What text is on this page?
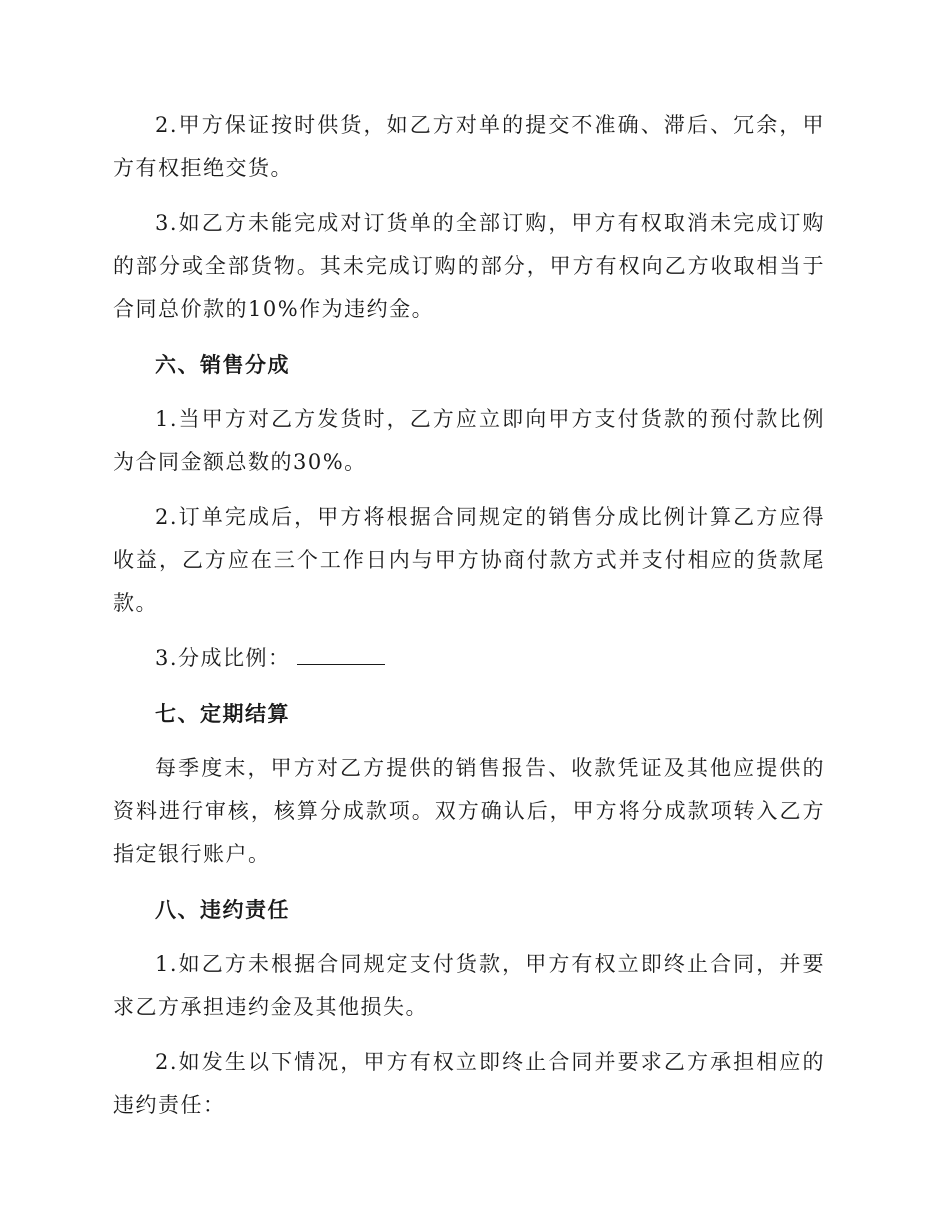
2.甲方保证按时供货，如乙方对单的提交不准确、滞后、冗余，甲方有权拒绝交货。

3.如乙方未能完成对订货单的全部订购，甲方有权取消未完成订购的部分或全部货物。其未完成订购的部分，甲方有权向乙方收取相当于合同总价款的10%作为违约金。

六、销售分成

1.当甲方对乙方发货时，乙方应立即向甲方支付货款的预付款比例为合同金额总数的30%。

2.订单完成后，甲方将根据合同规定的销售分成比例计算乙方应得收益，乙方应在三个工作日内与甲方协商付款方式并支付相应的货款尾款。

3.分成比例：

七、定期结算

每季度末，甲方对乙方提供的销售报告、收款凭证及其他应提供的资料进行审核，核算分成款项。双方确认后，甲方将分成款项转入乙方指定银行账户。

八、违约责任

1.如乙方未根据合同规定支付货款，甲方有权立即终止合同，并要求乙方承担违约金及其他损失。

2.如发生以下情况，甲方有权立即终止合同并要求乙方承担相应的违约责任：
